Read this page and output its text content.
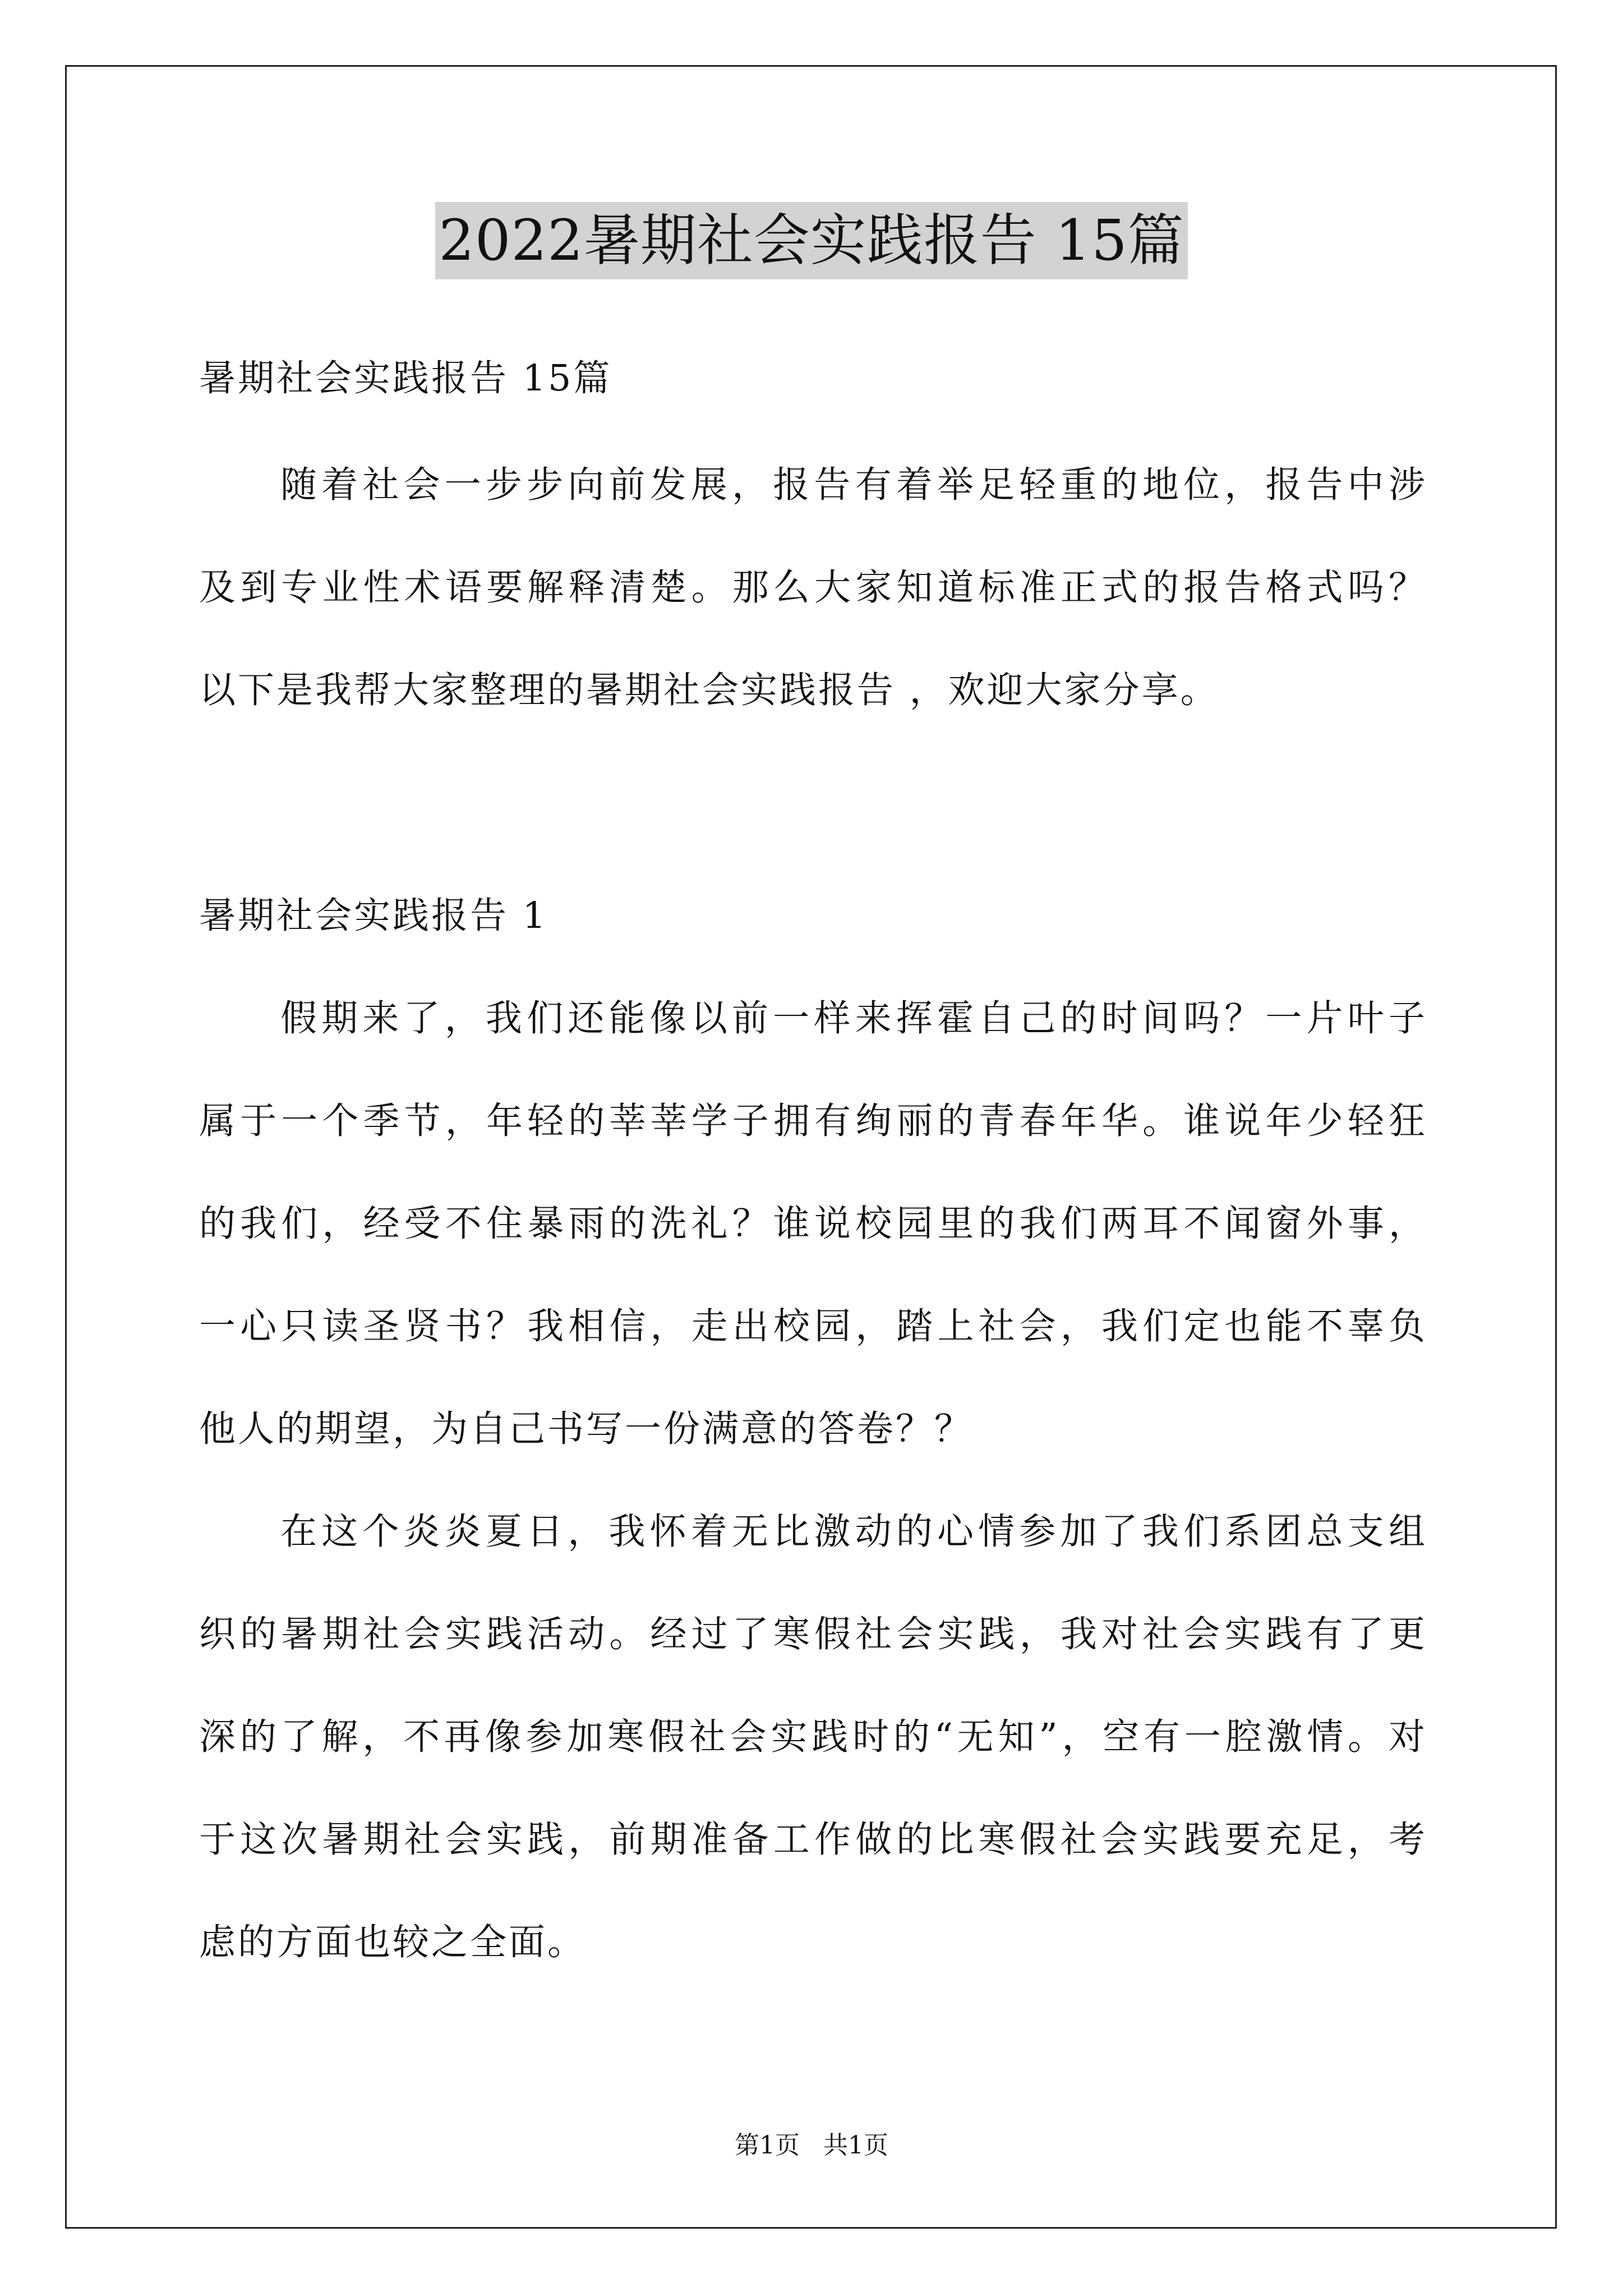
2022暑期社会实践报告 15篇
暑期社会实践报告 15篇
随着社会一步步向前发展，报告有着举足轻重的地位，报告中涉
及到专业性术语要解释清楚。那么大家知道标准正式的报告格式吗？
以下是我帮大家整理的暑期社会实践报告 ，欢迎大家分享。
暑期社会实践报告 1
假期来了，我们还能像以前一样来挥霍自己的时间吗？一片叶子
属于一个季节，年轻的莘莘学子拥有绚丽的青春年华。谁说年少轻狂
的我们，经受不住暴雨的洗礼？谁说校园里的我们两耳不闻窗外事，
一心只读圣贤书？我相信，走出校园，踏上社会，我们定也能不辜负
他人的期望，为自己书写一份满意的答卷？？
在这个炎炎夏日，我怀着无比激动的心情参加了我们系团总支组
织的暑期社会实践活动。经过了寒假社会实践，我对社会实践有了更
深的了解，不再像参加寒假社会实践时的“无知”，空有一腔激情。对
于这次暑期社会实践，前期准备工作做的比寒假社会实践要充足，考
虑的方面也较之全面。
第1页 共1页
